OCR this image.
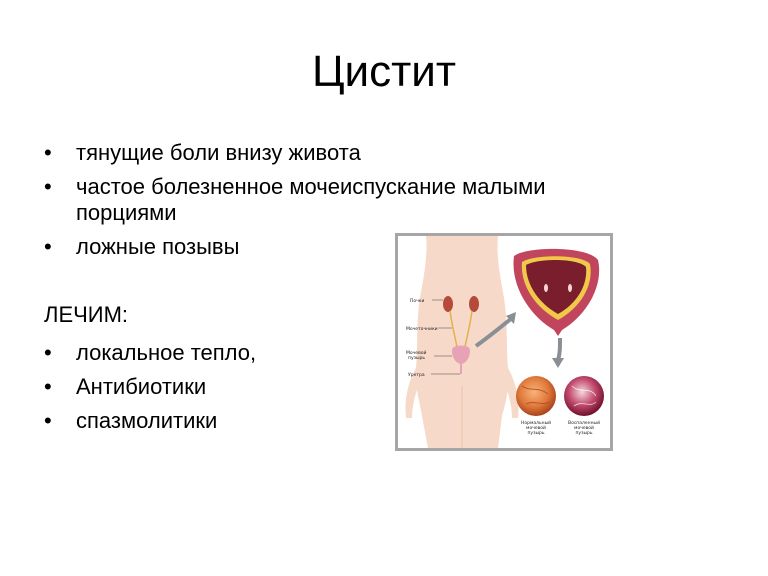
Цистит
• тянущие боли внизу живота
• частое болезненное мочеиспускание малыми порциями
• ложные позывы

ЛЕЧИМ:

• локальное тепло,
• Антибиотики
• спазмолитики
Почки
Мочеточники
Мочевой
пузырь
Уретра
Нормальный
мочевой
пузырь
Воспаленный
мочевой
пузырь
